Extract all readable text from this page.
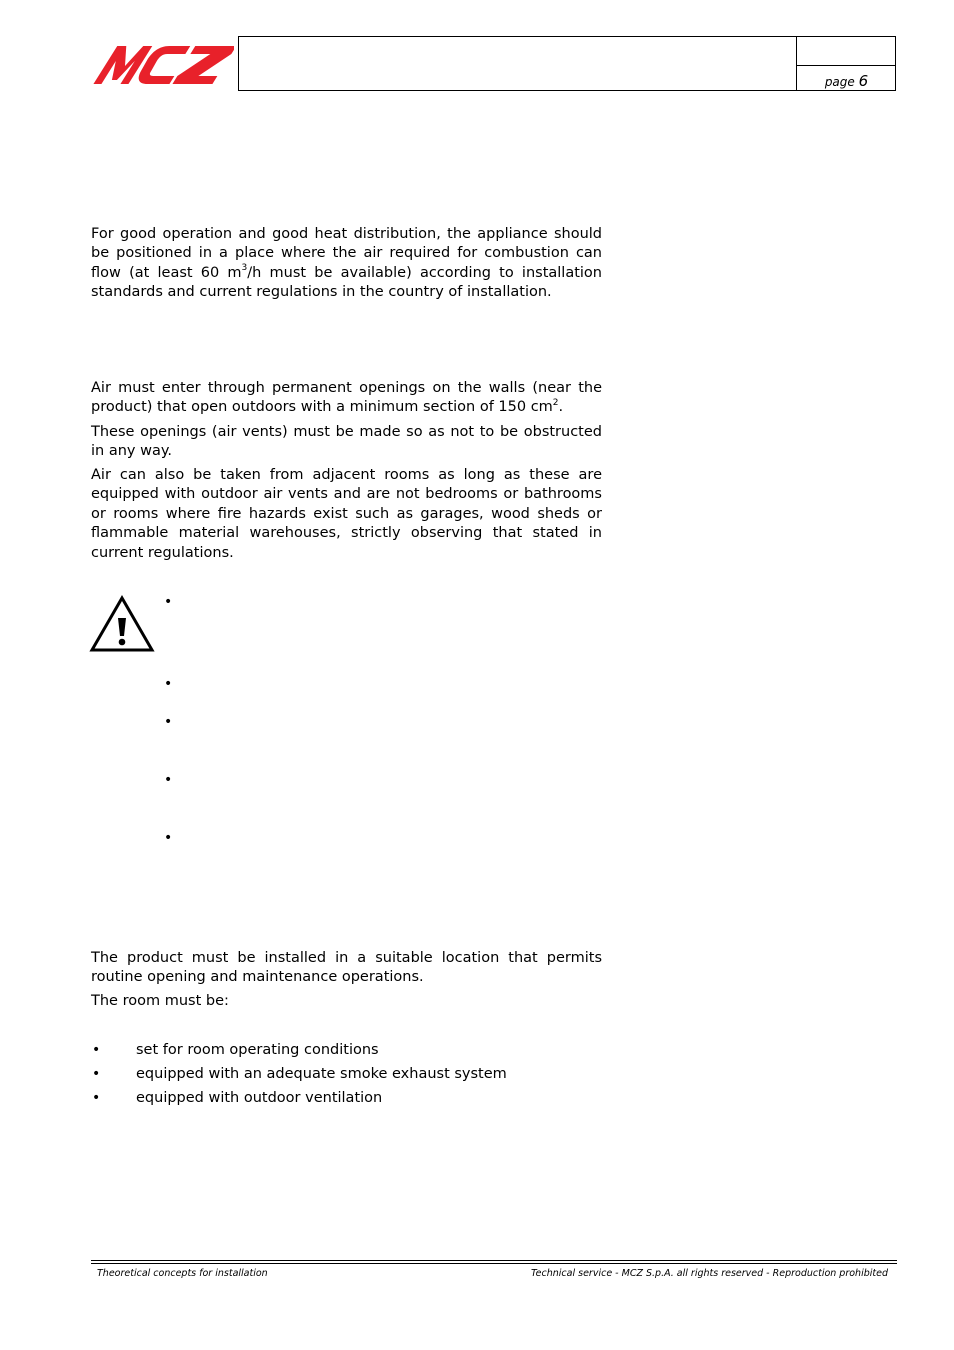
page 6

For good operation and good heat distribution, the appliance should be positioned in a place where the air required for combustion can flow (at least 60 $m^3/h$ must be available) according to installation standards and current regulations in the country of installation.

Air must enter through permanent openings on the walls (near the product) that open outdoors with a minimum section of 150 $cm^2$.

These openings (air vents) must be made so as not to be obstructed in any way.

Air can also be taken from adjacent rooms as long as these are equipped with outdoor air vents and are not bedrooms or bathrooms or rooms where fire hazards exist such as garages, wood sheds or flammable material warehouses, strictly observing that stated in current regulations.

•
•
•
•
•

The product must be installed in a suitable location that permits routine opening and maintenance operations.

The room must be:

• set for room operating conditions
• equipped with an adequate smoke exhaust system
• equipped with outdoor ventilation
Theoretical concepts for installation	Technical service - MCZ S.p.A. all rights reserved - Reproduction prohibited
